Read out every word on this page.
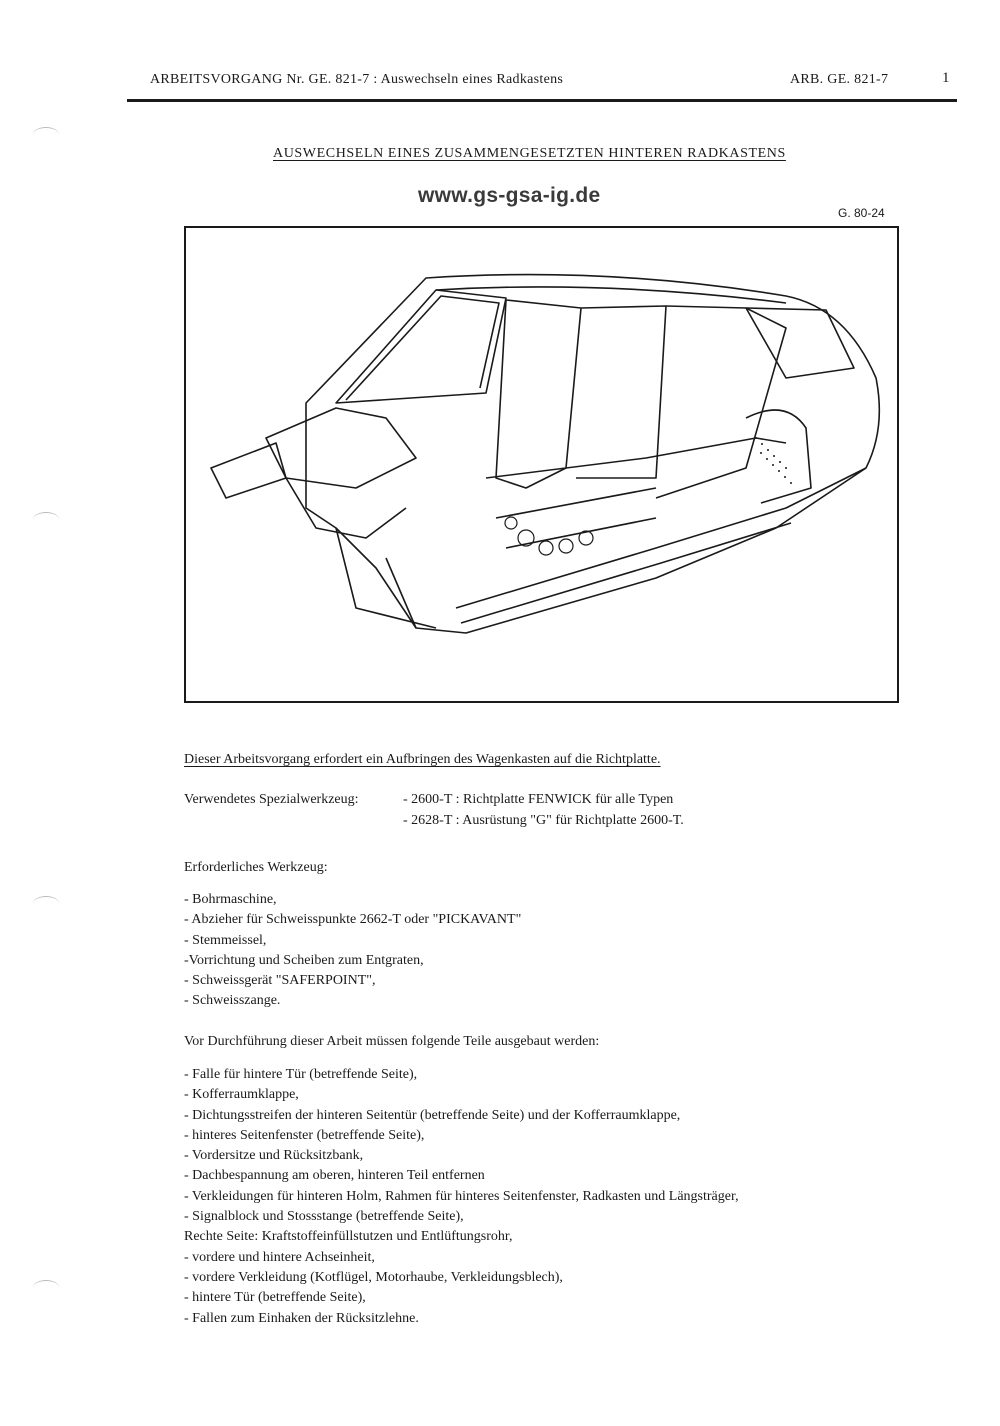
ARBEITSVORGANG Nr. GE. 821-7 : Auswechseln eines Radkastens	ARB. GE. 821-7	1
AUSWECHSELN EINES ZUSAMMENGESETZTEN HINTEREN RADKASTENS
www.gs-gsa-ig.de
G. 80-24
Dieser Arbeitsvorgang erfordert ein Aufbringen des Wagenkasten auf die Richtplatte.
Verwendetes Spezialwerkzeug:	- 2600-T : Richtplatte FENWICK für alle Typen
- 2628-T : Ausrüstung "G" für Richtplatte 2600-T.
Erforderliches Werkzeug:
- Bohrmaschine,
- Abzieher für Schweisspunkte 2662-T oder "PICKAVANT"
- Stemmeissel,
-Vorrichtung und Scheiben zum Entgraten,
- Schweissgerät "SAFERPOINT",
- Schweisszange.
Vor Durchführung dieser Arbeit müssen folgende Teile ausgebaut werden:
- Falle für hintere Tür (betreffende Seite),
- Kofferraumklappe,
- Dichtungsstreifen der hinteren Seitentür (betreffende Seite) und der Kofferraumklappe,
- hinteres Seitenfenster (betreffende Seite),
- Vordersitze und Rücksitzbank,
- Dachbespannung am oberen, hinteren Teil entfernen
- Verkleidungen für hinteren Holm, Rahmen für hinteres Seitenfenster, Radkasten und Längsträger,
- Signalblock und Stossstange (betreffende Seite),
Rechte Seite: Kraftstoffeinfüllstutzen und Entlüftungsrohr,
- vordere und hintere Achseinheit,
- vordere Verkleidung (Kotflügel, Motorhaube, Verkleidungsblech),
- hintere Tür (betreffende Seite),
- Fallen zum Einhaken der Rücksitzlehne.
